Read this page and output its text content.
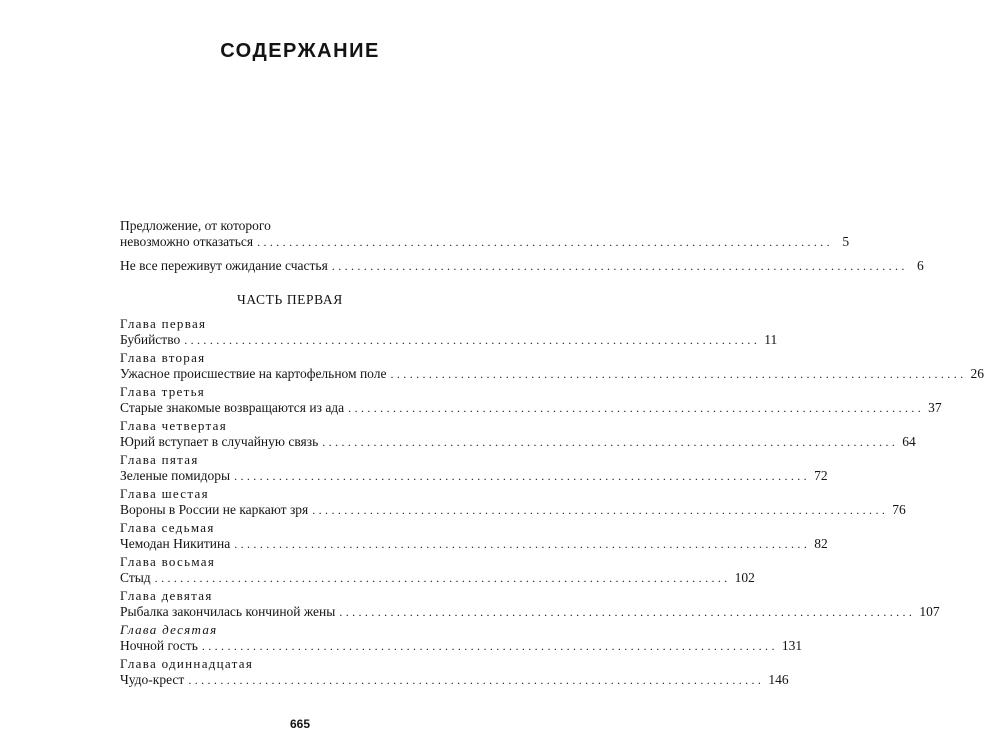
СОДЕРЖАНИЕ
Предложение, от которого
невозможно отказаться .......................................................................................... 5
Не все переживут ожидание счастья .......................................................................................... 6
ЧАСТЬ ПЕРВАЯ
Глава первая
Бубийство .......................................................................................... 11
Глава вторая
Ужасное происшествие на картофельном поле .......................................................................................... 26
Глава третья
Старые знакомые возвращаются из ада .......................................................................................... 37
Глава четвертая
Юрий вступает в случайную связь .......................................................................................... 64
Глава пятая
Зеленые помидоры .......................................................................................... 72
Глава шестая
Вороны в России не каркают зря .......................................................................................... 76
Глава седьмая
Чемодан Никитина .......................................................................................... 82
Глава восьмая
Стыд .......................................................................................... 102
Глава девятая
Рыбалка закончилась кончиной жены .......................................................................................... 107
Глава десятая
Ночной гость .......................................................................................... 131
Глава одиннадцатая
Чудо-крест .......................................................................................... 146
665
